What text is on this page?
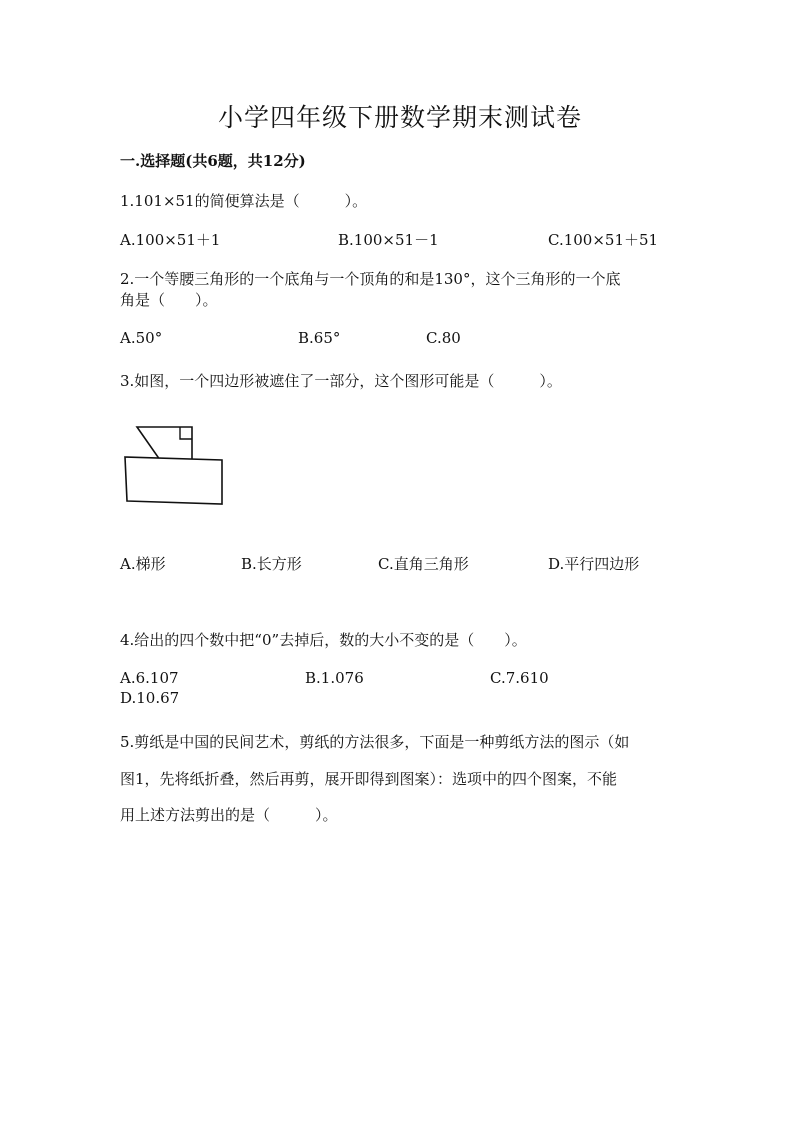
小学四年级下册数学期末测试卷
一.选择题(共6题，共12分)
1.101×51的简便算法是（　　　）。
A.100×51＋1	B.100×51－1	C.100×51＋51
2.一个等腰三角形的一个底角与一个顶角的和是130°，这个三角形的一个底
角是（　　）。
A.50°	B.65°	C.80
3.如图，一个四边形被遮住了一部分，这个图形可能是（　　　）。
A.梯形	B.长方形	C.直角三角形	D.平行四边形
4.给出的四个数中把“0”去掉后，数的大小不变的是（　　）。
A.6.107	B.1.076	C.7.610
D.10.67
5.剪纸是中国的民间艺术，剪纸的方法很多，下面是一种剪纸方法的图示（如
图1，先将纸折叠，然后再剪，展开即得到图案）：选项中的四个图案，不能
用上述方法剪出的是（　　　）。
